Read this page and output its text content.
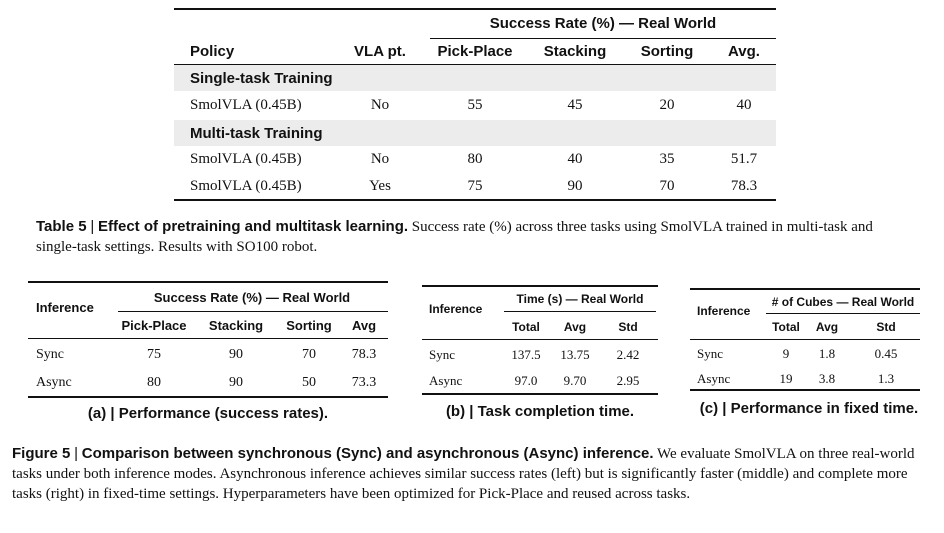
Success Rate (%) — Real World
Policy	VLA pt.	Pick-Place	Stacking	Sorting	Avg.
Single-task Training
SmolVLA (0.45B)	No	55	45	20	40
Multi-task Training
SmolVLA (0.45B)	No	80	40	35	51.7
SmolVLA (0.45B)	Yes	75	90	70	78.3
Table 5 | Effect of pretraining and multitask learning. Success rate (%) across three tasks using SmolVLA trained in multi-task and single-task settings. Results with SO100 robot.
Success Rate (%) — Real World
Inference
Pick-Place	Stacking	Sorting	Avg
Sync	75	90	70	78.3
Async	80	90	50	73.3
(a) | Performance (success rates).
Time (s) — Real World
Inference
Total	Avg	Std
Sync	137.5	13.75	2.42
Async	97.0	9.70	2.95
(b) | Task completion time.
# of Cubes — Real World
Inference
Total	Avg	Std
Sync	9	1.8	0.45
Async	19	3.8	1.3
(c) | Performance in fixed time.
Figure 5 | Comparison between synchronous (Sync) and asynchronous (Async) inference. We evaluate SmolVLA on three real-world tasks under both inference modes. Asynchronous inference achieves similar success rates (left) but is significantly faster (middle) and complete more tasks (right) in fixed-time settings. Hyperparameters have been optimized for Pick-Place and reused across tasks.
